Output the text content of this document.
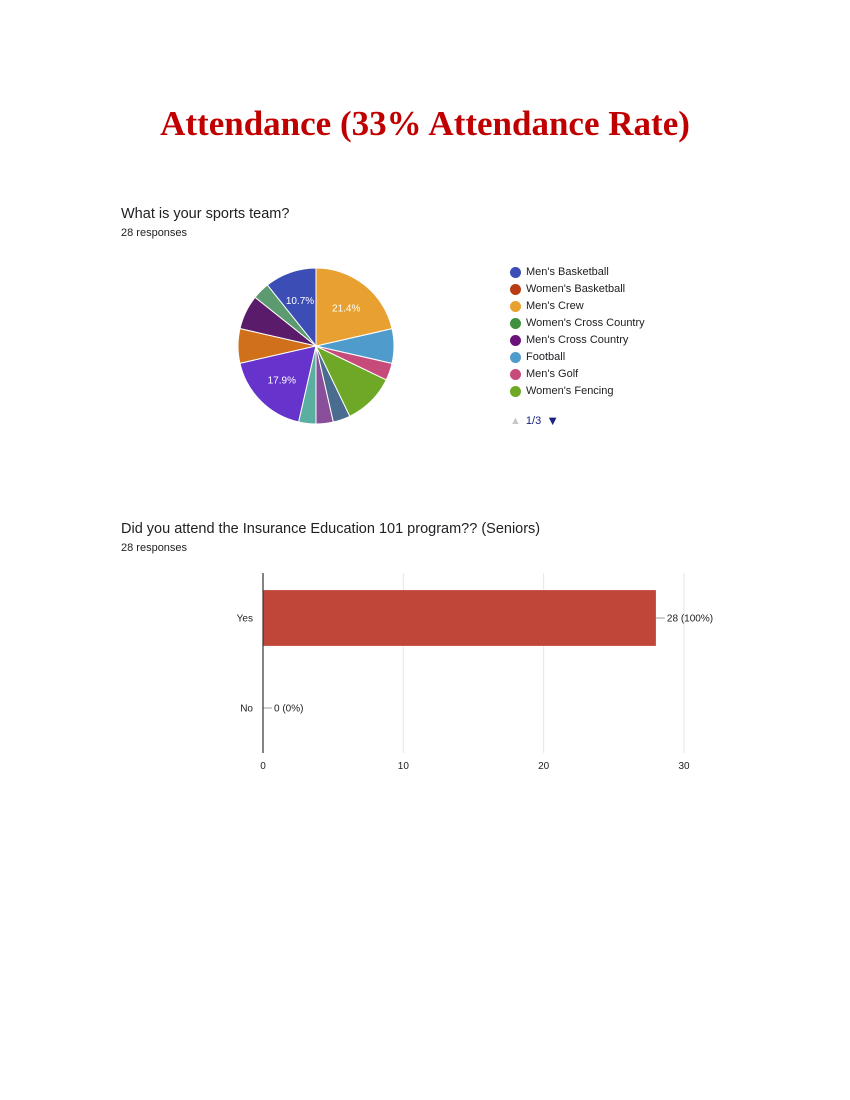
Attendance (33% Attendance Rate)
What is your sports team?
28 responses
10.7%
17.9%
21.4%
Men's Basketball
Women's Basketball
Men's Crew
Women's Cross Country
Men's Cross Country
Football
Men's Golf
Women's Fencing
▲ 1/3 ▼
Did you attend the Insurance Education 101 program?? (Seniors)
28 responses
Yes	28 (100%)
No 0 (0%)
0	10	20	30
